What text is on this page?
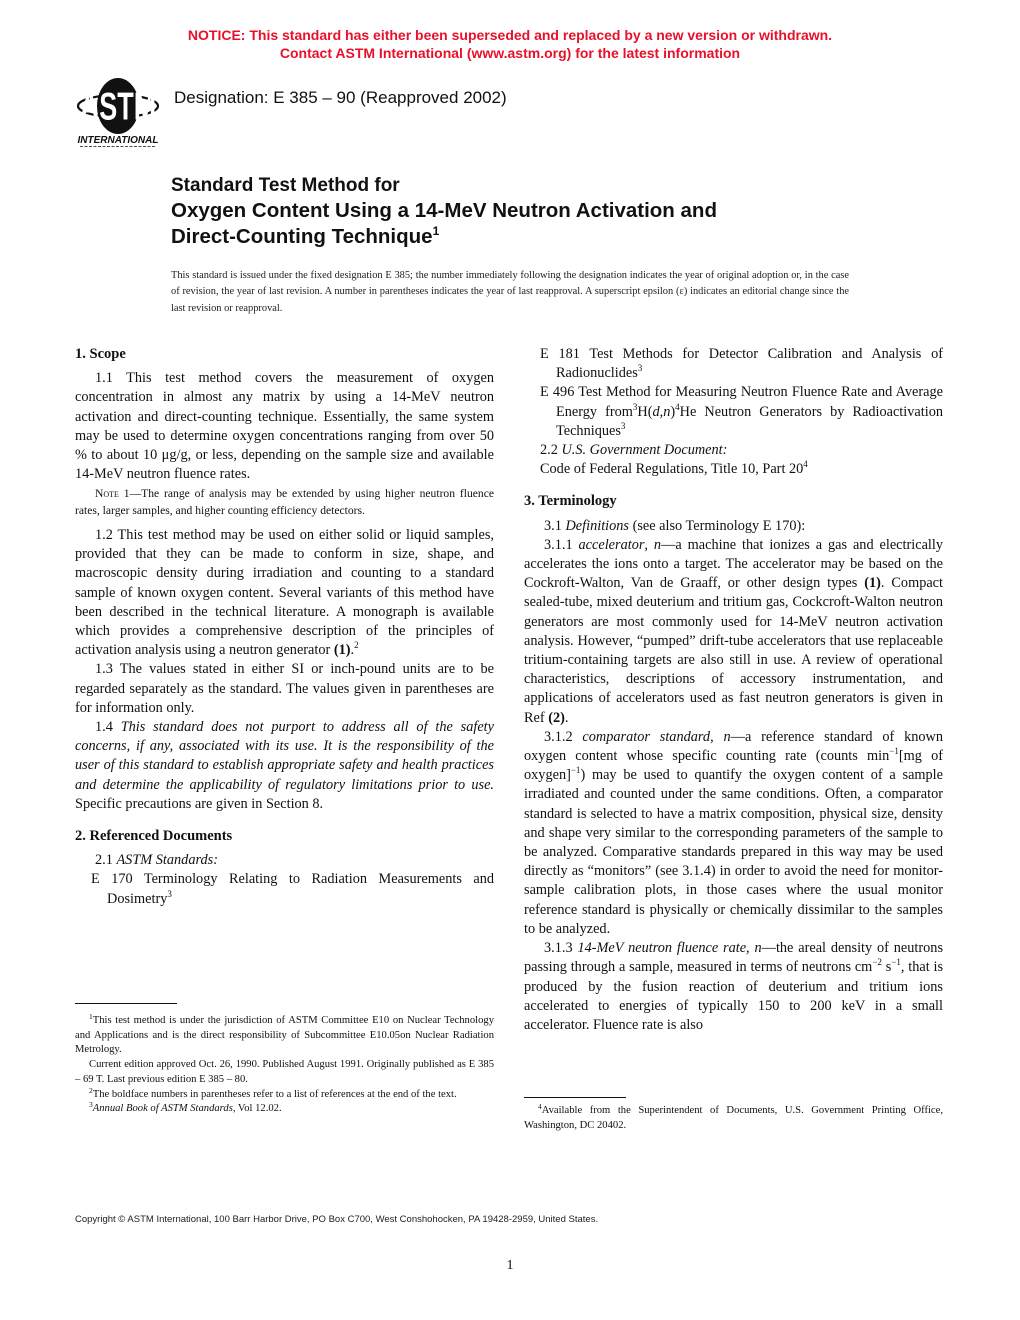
NOTICE: This standard has either been superseded and replaced by a new version or withdrawn.
Contact ASTM International (www.astm.org) for the latest information
ASTM
INTERNATIONAL
Designation: E 385 – 90 (Reapproved 2002)
Standard Test Method for
Oxygen Content Using a 14-MeV Neutron Activation and
Direct-Counting Technique$^1$
This standard is issued under the fixed designation E 385; the number immediately following the designation indicates the year of original adoption or, in the case of revision, the year of last revision. A number in parentheses indicates the year of last reapproval. A superscript epsilon (ε) indicates an editorial change since the last revision or reapproval.

1. Scope

1.1 This test method covers the measurement of oxygen concentration in almost any matrix by using a 14-MeV neutron activation and direct-counting technique. Essentially, the same system may be used to determine oxygen concentrations ranging from over 50 % to about 10 μg/g, or less, depending on the sample size and available 14-MeV neutron fluence rates.

Note 1—The range of analysis may be extended by using higher neutron fluence rates, larger samples, and higher counting efficiency detectors.

1.2 This test method may be used on either solid or liquid samples, provided that they can be made to conform in size, shape, and macroscopic density during irradiation and counting to a standard sample of known oxygen content. Several variants of this method have been described in the technical literature. A monograph is available which provides a comprehensive description of the principles of activation analysis using a neutron generator (1).$^2$

1.3 The values stated in either SI or inch-pound units are to be regarded separately as the standard. The values given in parentheses are for information only.

1.4 This standard does not purport to address all of the safety concerns, if any, associated with its use. It is the responsibility of the user of this standard to establish appropriate safety and health practices and determine the applicability of regulatory limitations prior to use. Specific precautions are given in Section 8.

2. Referenced Documents

2.1 ASTM Standards:

E 170 Terminology Relating to Radiation Measurements and Dosimetry$^3$

$^1$This test method is under the jurisdiction of ASTM Committee E10 on Nuclear Technology and Applications and is the direct responsibility of Subcommittee E10.05on Nuclear Radiation Metrology.

Current edition approved Oct. 26, 1990. Published August 1991. Originally published as E 385 – 69 T. Last previous edition E 385 – 80.

$^2$The boldface numbers in parentheses refer to a list of references at the end of the text.

$^3$Annual Book of ASTM Standards, Vol 12.02.

E 181 Test Methods for Detector Calibration and Analysis of Radionuclides$^3$

E 496 Test Method for Measuring Neutron Fluence Rate and Average Energy $from^3H(d,n)^4He$ Neutron Generators by Radioactivation Techniques$^3$

2.2 U.S. Government Document:

Code of Federal Regulations, Title 10, Part $20^4$

3. Terminology

3.1 Definitions (see also Terminology E 170):

3.1.1 accelerator, n—a machine that ionizes a gas and electrically accelerates the ions onto a target. The accelerator may be based on the Cockroft-Walton, Van de Graaff, or other design types (1). Compact sealed-tube, mixed deuterium and tritium gas, Cockcroft-Walton neutron generators are most commonly used for 14-MeV neutron activation analysis. However, “pumped” drift-tube accelerators that use replaceable tritium-containing targets are also still in use. A review of operational characteristics, descriptions of accessory instrumentation, and applications of accelerators used as fast neutron generators is given in Ref (2).

3.1.2 comparator standard, n—a reference standard of known oxygen content whose specific counting rate (counts $\min^{-1}[mg$ of oxygen]$^{-1}$) may be used to quantify the oxygen content of a sample irradiated and counted under the same conditions. Often, a comparator standard is selected to have a matrix composition, physical size, density and shape very similar to the corresponding parameters of the sample to be analyzed. Comparative standards prepared in this way may be used directly as “monitors” (see 3.1.4) in order to avoid the need for monitor-sample calibration plots, in those cases where the usual monitor reference standard is physically or chemically dissimilar to the samples to be analyzed.

3.1.3 14-MeV neutron fluence rate, n—the areal density of neutrons passing through a sample, measured in terms of neutrons $cm^{-2}$ $s^{-1}$, that is produced by the fusion reaction of deuterium and tritium ions accelerated to energies of typically 150 to 200 keV in a small accelerator. Fluence rate is also

$^4$Available from the Superintendent of Documents, U.S. Government Printing Office, Washington, DC 20402.

Copyright © ASTM International, 100 Barr Harbor Drive, PO Box C700, West Conshohocken, PA 19428-2959, United States.
1
